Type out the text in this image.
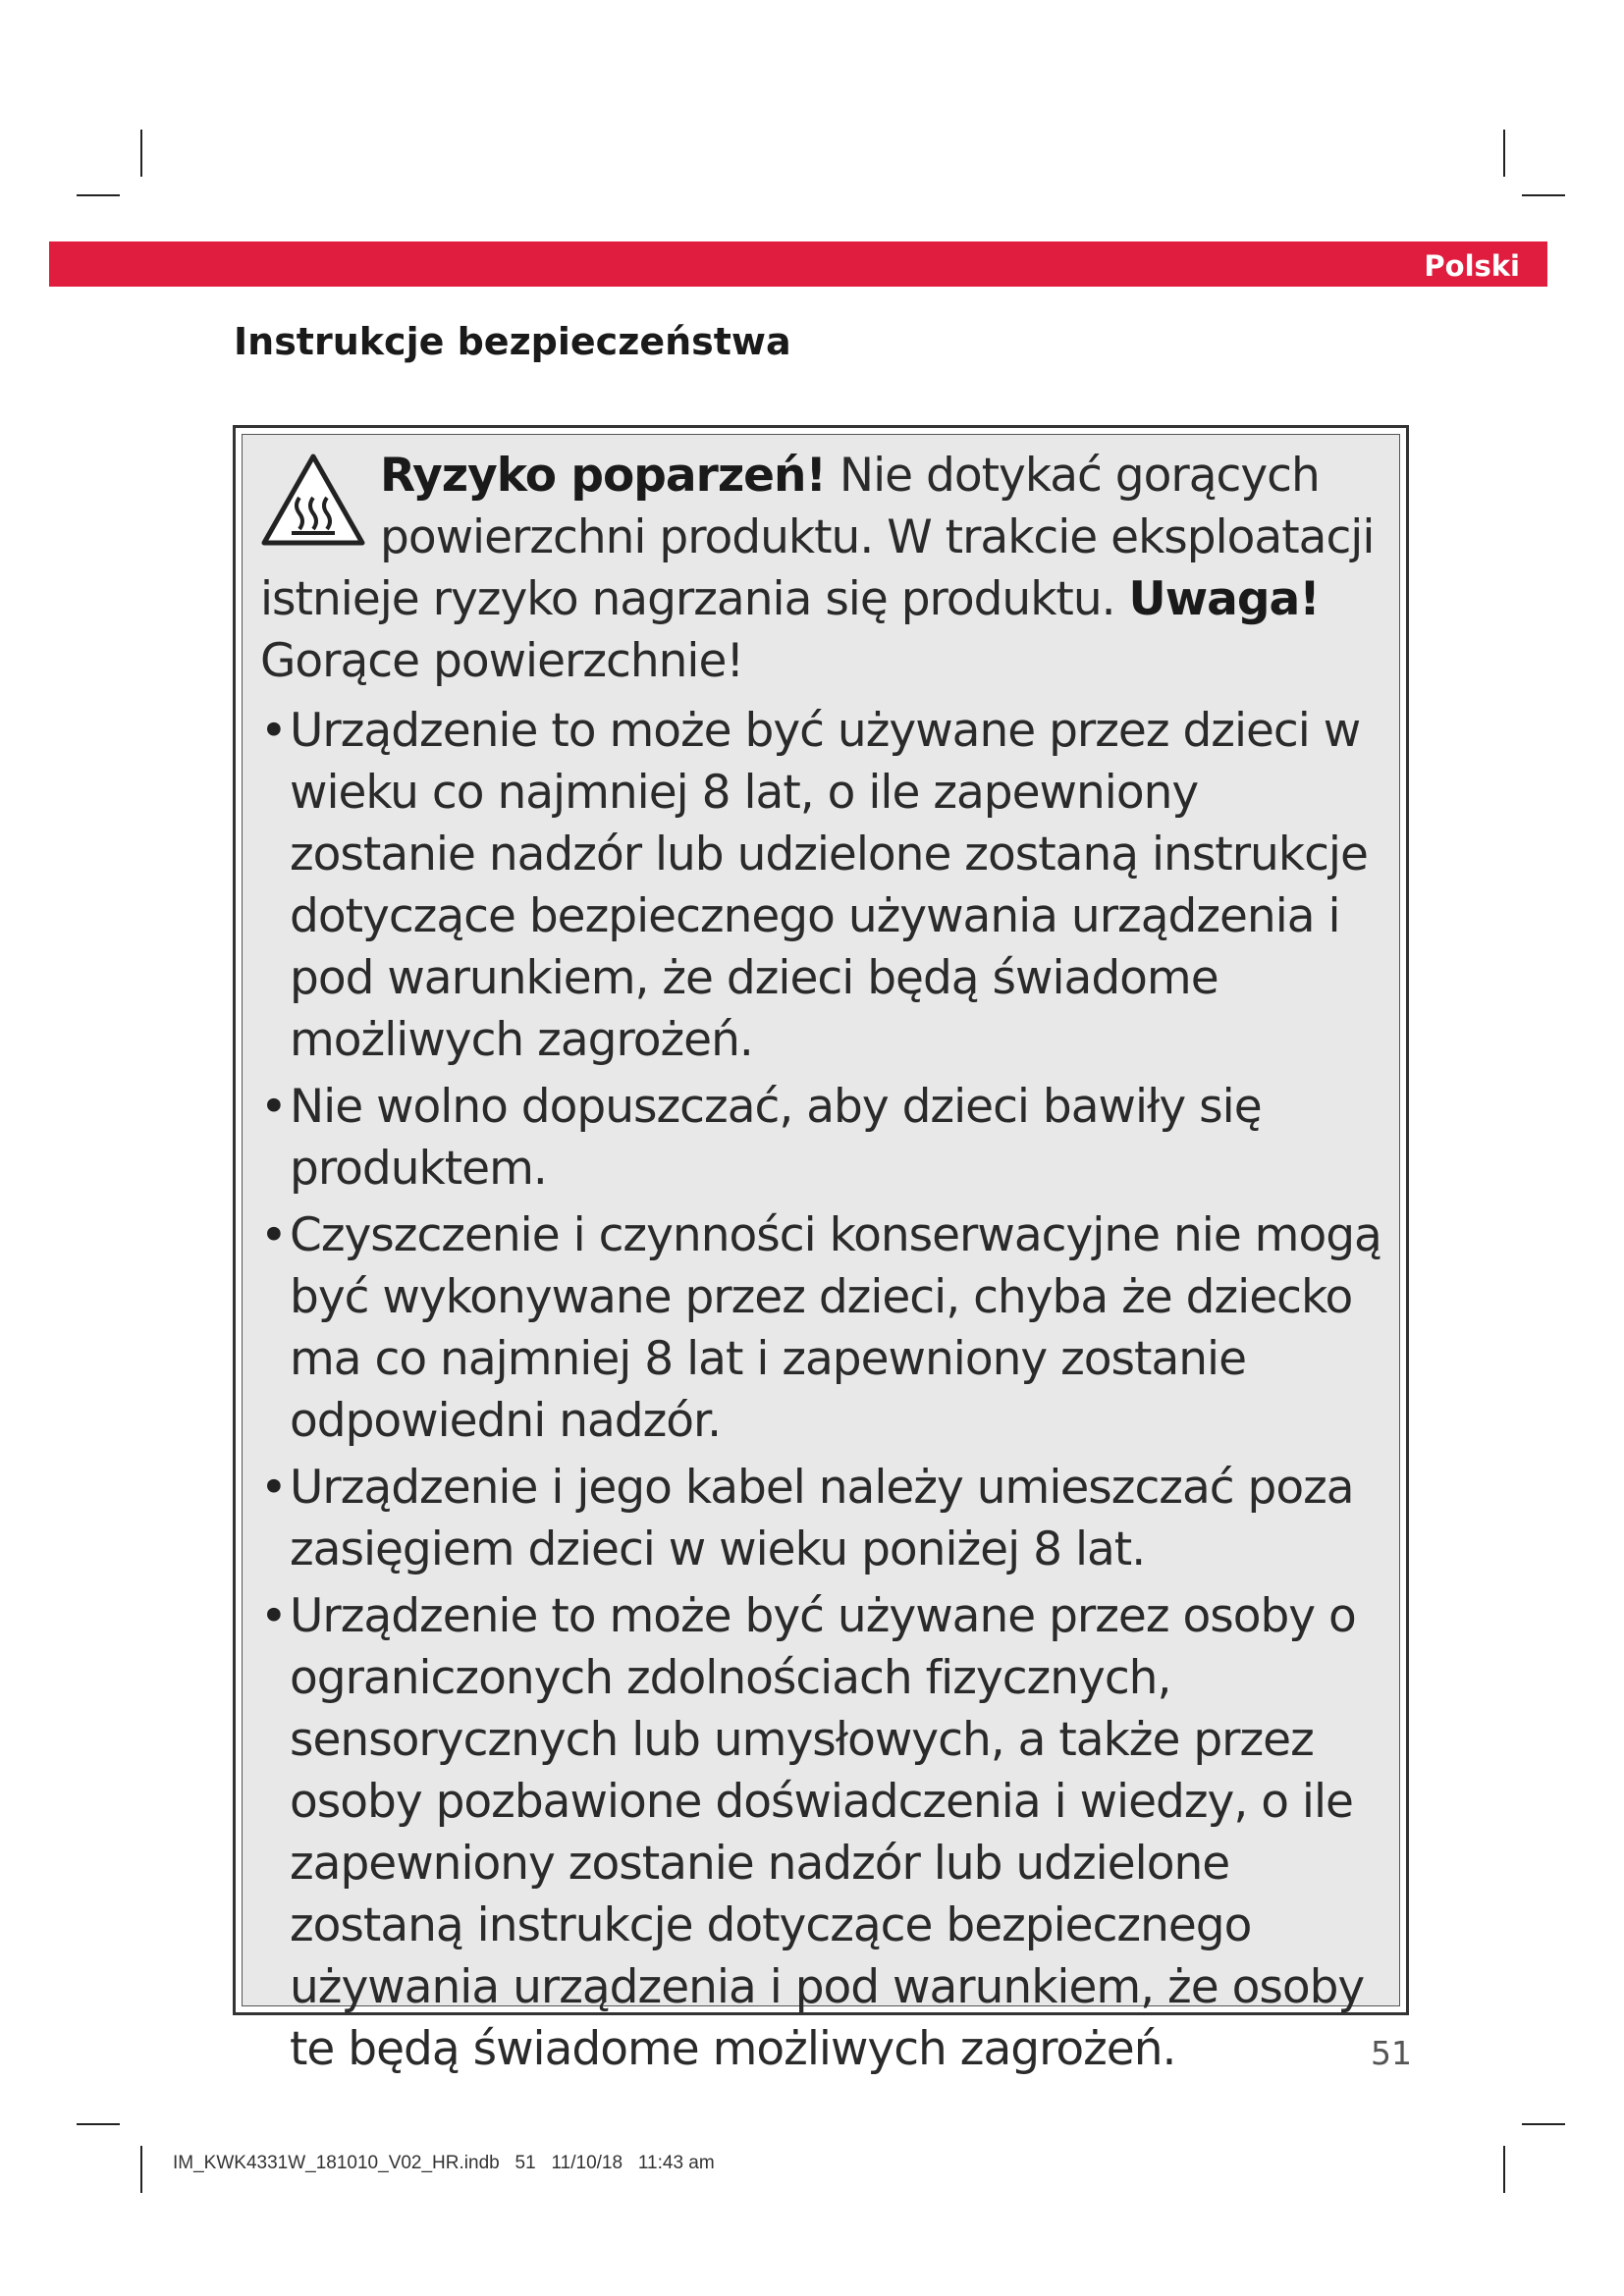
Polski
Instrukcje bezpieczeństwa
Ryzyko poparzeń! Nie dotykać gorących powierzchni produktu. W trakcie eksploatacji istnieje ryzyko nagrzania się produktu. Uwaga! Gorące powierzchnie!
• Urządzenie to może być używane przez dzieci w wieku co najmniej 8 lat, o ile zapewniony zostanie nadzór lub udzielone zostaną instrukcje dotyczące bezpiecznego używania urządzenia i pod warunkiem, że dzieci będą świadome możliwych zagrożeń.
• Nie wolno dopuszczać, aby dzieci bawiły się produktem.
• Czyszczenie i czynności konserwacyjne nie mogą być wykonywane przez dzieci, chyba że dziecko ma co najmniej 8 lat i zapewniony zostanie odpowiedni nadzór.
• Urządzenie i jego kabel należy umieszczać poza zasięgiem dzieci w wieku poniżej 8 lat.
• Urządzenie to może być używane przez osoby o ograniczonych zdolnościach fizycznych, sensorycznych lub umysłowych, a także przez osoby pozbawione doświadczenia i wiedzy, o ile zapewniony zostanie nadzór lub udzielone zostaną instrukcje dotyczące bezpiecznego używania urządzenia i pod warunkiem, że osoby te będą świadome możliwych zagrożeń.	51
IM_KWK4331W_181010_V02_HR.indb   51   11/10/18   11:43 am
